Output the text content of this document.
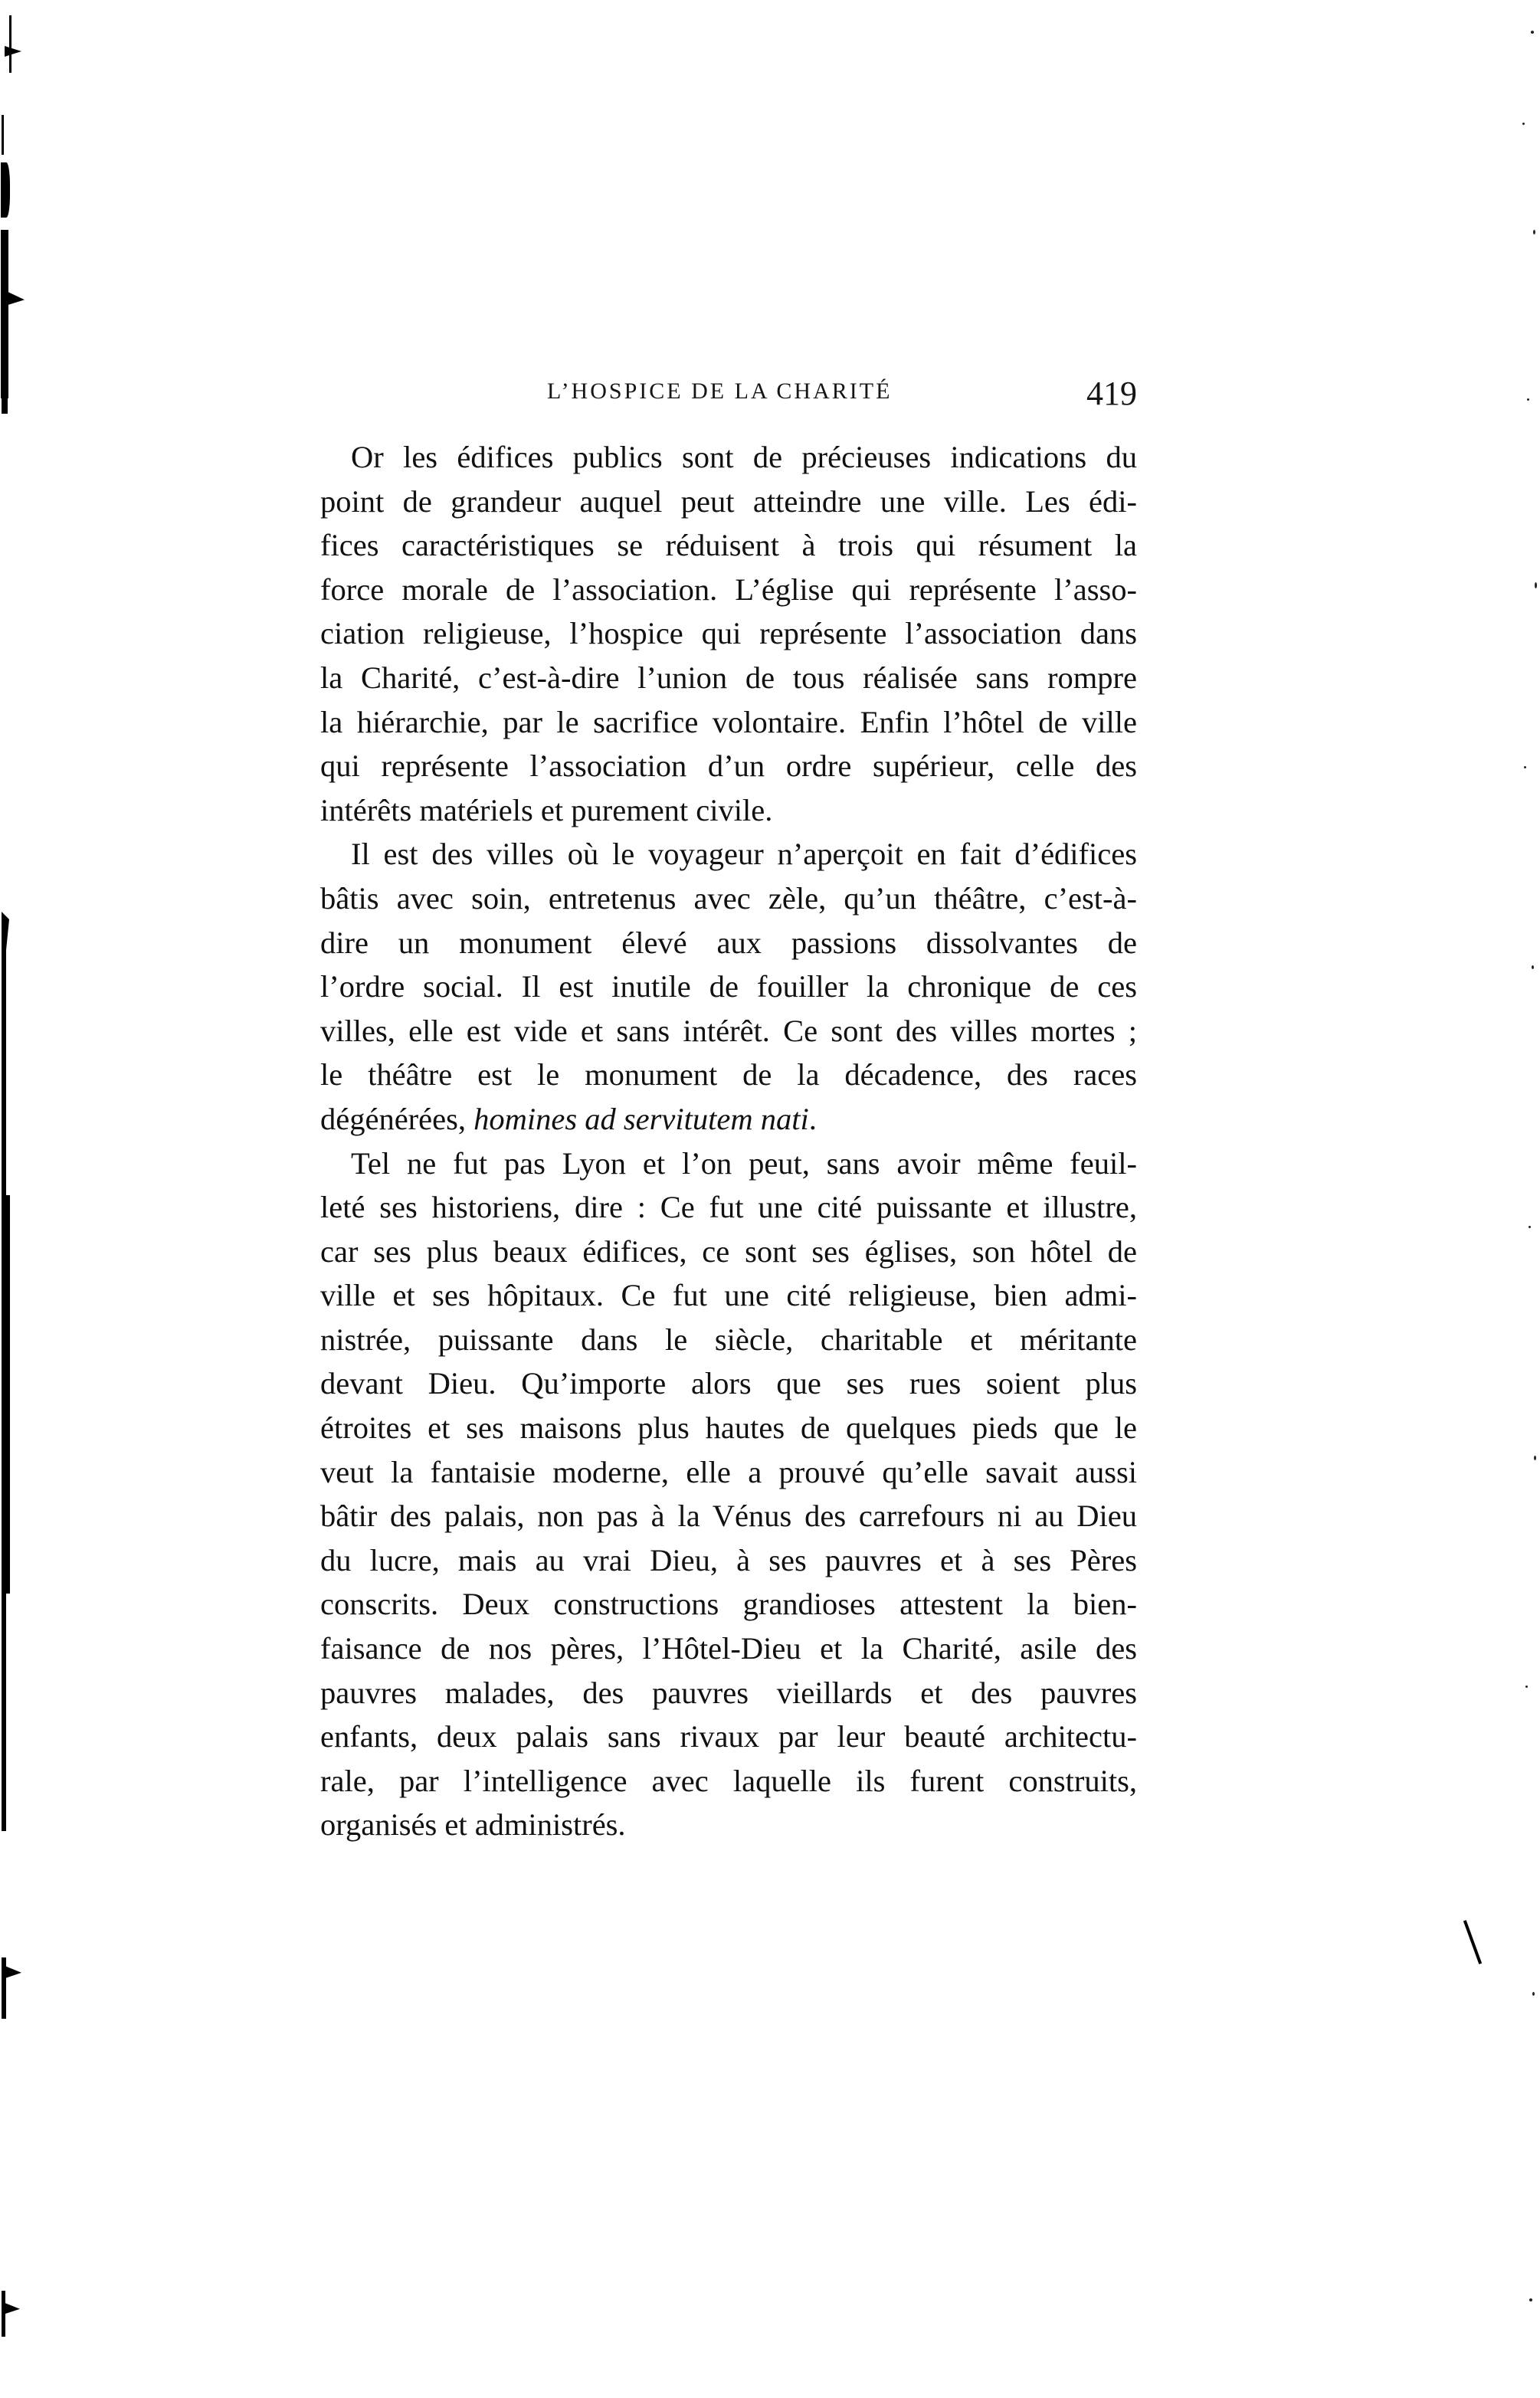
L’HOSPICE DE LA CHARITÉ	419
Or les édifices publics sont de précieuses indications du
point de grandeur auquel peut atteindre une ville. Les édi-
fices caractéristiques se réduisent à trois qui résument la
force morale de l’association. L’église qui représente l’asso-
ciation religieuse, l’hospice qui représente l’association dans
la Charité, c’est-à-dire l’union de tous réalisée sans rompre
la hiérarchie, par le sacrifice volontaire. Enfin l’hôtel de ville
qui représente l’association d’un ordre supérieur, celle des
intérêts matériels et purement civile.
Il est des villes où le voyageur n’aperçoit en fait d’édifices
bâtis avec soin, entretenus avec zèle, qu’un théâtre, c’est-à-
dire un monument élevé aux passions dissolvantes de
l’ordre social. Il est inutile de fouiller la chronique de ces
villes, elle est vide et sans intérêt. Ce sont des villes mortes ;
le théâtre est le monument de la décadence, des races
dégénérées, homines ad servitutem nati.
Tel ne fut pas Lyon et l’on peut, sans avoir même feuil-
leté ses historiens, dire : Ce fut une cité puissante et illustre,
car ses plus beaux édifices, ce sont ses églises, son hôtel de
ville et ses hôpitaux. Ce fut une cité religieuse, bien admi-
nistrée, puissante dans le siècle, charitable et méritante
devant Dieu. Qu’importe alors que ses rues soient plus
étroites et ses maisons plus hautes de quelques pieds que le
veut la fantaisie moderne, elle a prouvé qu’elle savait aussi
bâtir des palais, non pas à la Vénus des carrefours ni au Dieu
du lucre, mais au vrai Dieu, à ses pauvres et à ses Pères
conscrits. Deux constructions grandioses attestent la bien-
faisance de nos pères, l’Hôtel-Dieu et la Charité, asile des
pauvres malades, des pauvres vieillards et des pauvres
enfants, deux palais sans rivaux par leur beauté architectu-
rale, par l’intelligence avec laquelle ils furent construits,
organisés et administrés.
